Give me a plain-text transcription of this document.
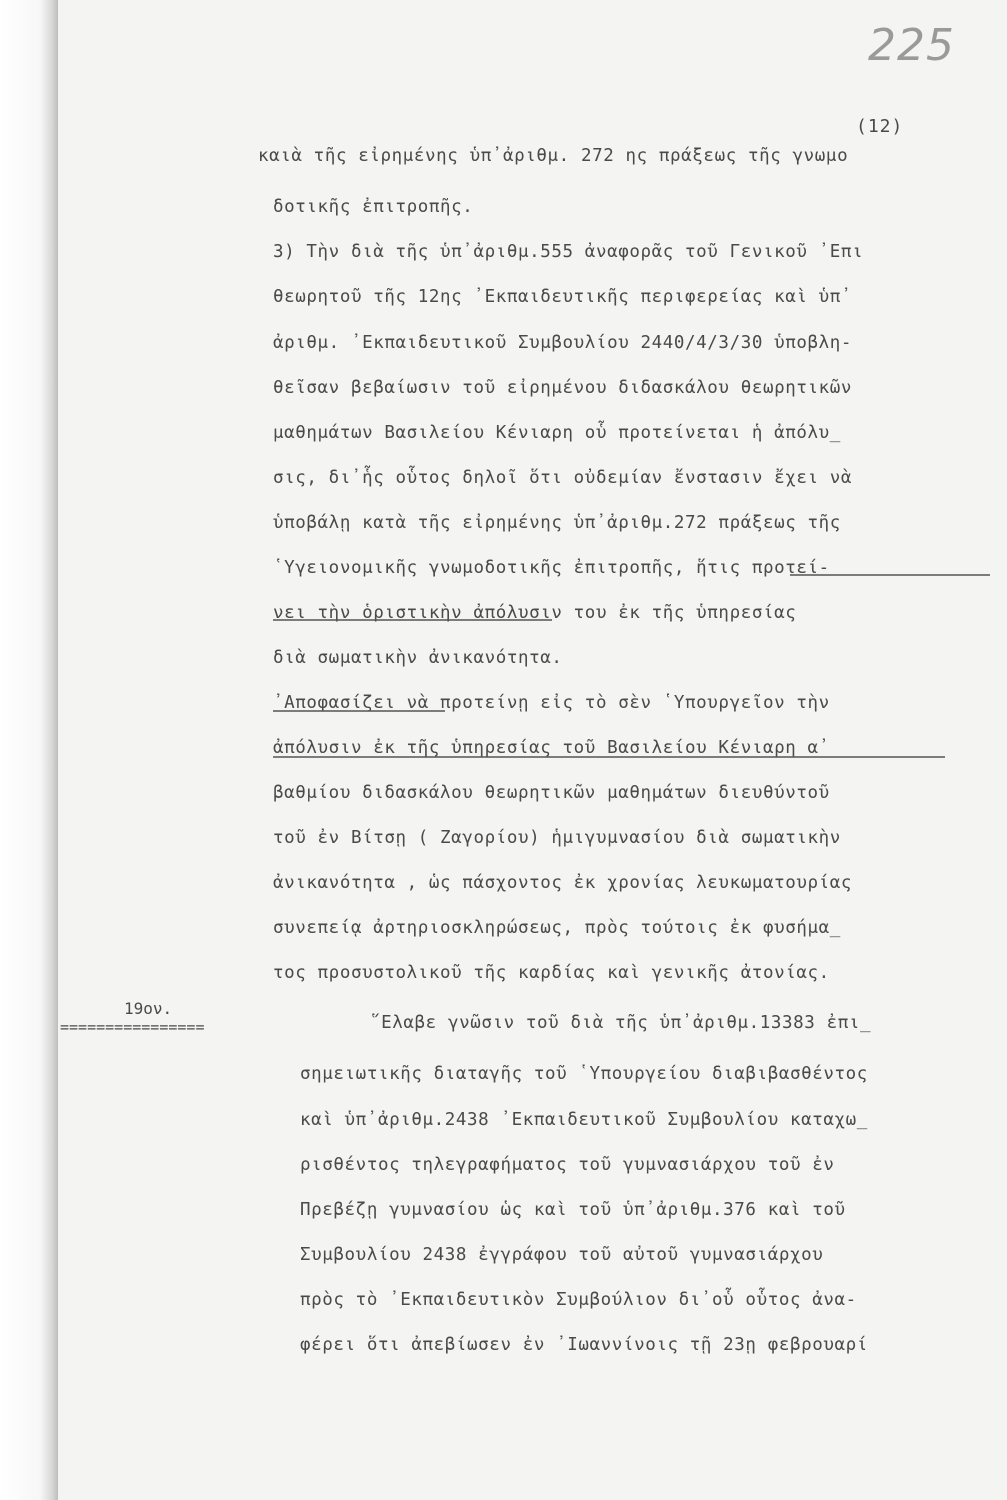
225
(12)
καιὰ τῆς εἰρημένης ὑπ᾽ἀριθμ. 272 ης πράξεως τῆς γνωμο
δοτικῆς ἐπιτροπῆς.
3) Τὴν διὰ τῆς ὑπ᾽ἀριθμ.555 ἀναφορᾶς τοῦ Γενικοῦ ᾽Επι
θεωρητοῦ τῆς 12ης ᾽Εκπαιδευτικῆς περιφερείας καὶ ὑπ᾽
ἀριθμ. ᾽Εκπαιδευτικοῦ Συμβουλίου 2440/4/3/30 ὑποβλη-
θεῖσαν βεβαίωσιν τοῦ εἰρημένου διδασκάλου θεωρητικῶν
μαθημάτων Βασιλείου Κένιαρη οὗ προτείνεται ἡ ἀπόλυ_
σις, δι᾽ἧς οὗτος δηλοῖ ὅτι οὐδεμίαν ἔνστασιν ἔχει νὰ
ὑποβάλῃ κατὰ τῆς εἰρημένης ὑπ᾽ἀριθμ.272 πράξεως τῆς
῾Υγειονομικῆς γνωμοδοτικῆς ἐπιτροπῆς, ἥτις προτεί-
νει τὴν ὁριστικὴν ἀπόλυσιν του ἐκ τῆς ὑπηρεσίας
διὰ σωματικὴν ἀνικανότητα.
᾽Αποφασίζει νὰ προτείνῃ εἰς τὸ σὲν ῾Υπουργεῖον τὴν
ἀπόλυσιν ἐκ τῆς ὑπηρεσίας τοῦ Βασιλείου Κένιαρη α᾽
βαθμίου διδασκάλου θεωρητικῶν μαθημάτων διευθύντοῦ
τοῦ ἐν Βίτσῃ ( Ζαγορίου) ἡμιγυμνασίου διὰ σωματικὴν
ἀνικανότητα , ὡς πάσχοντος ἐκ χρονίας λευκωματουρίας
συνεπείᾳ ἀρτηριοσκληρώσεως, πρὸς τούτοις ἐκ φυσήμα_
τος προσυστολικοῦ τῆς καρδίας καὶ γενικῆς ἀτονίας.
19ον.
================	῞Ελαβε γνῶσιν τοῦ διὰ τῆς ὑπ᾽ἀριθμ.13383 ἐπι_
σημειωτικῆς διαταγῆς τοῦ ῾Υπουργείου διαβιβασθέντος
καὶ ὑπ᾽ἀριθμ.2438 ᾽Εκπαιδευτικοῦ Συμβουλίου καταχω_
ρισθέντος τηλεγραφήματος τοῦ γυμνασιάρχου τοῦ ἐν
Πρεβέζῃ γυμνασίου ὡς καὶ τοῦ ὑπ᾽ἀριθμ.376 καὶ τοῦ
Συμβουλίου 2438 ἐγγράφου τοῦ αὐτοῦ γυμνασιάρχου
πρὸς τὸ ᾽Εκπαιδευτικὸν Συμβούλιον δι᾽οὗ οὗτος ἀνα-
φέρει ὅτι ἀπεβίωσεν ἐν ᾽Ιωαννίνοις τῇ 23ῃ φεβρουαρί
